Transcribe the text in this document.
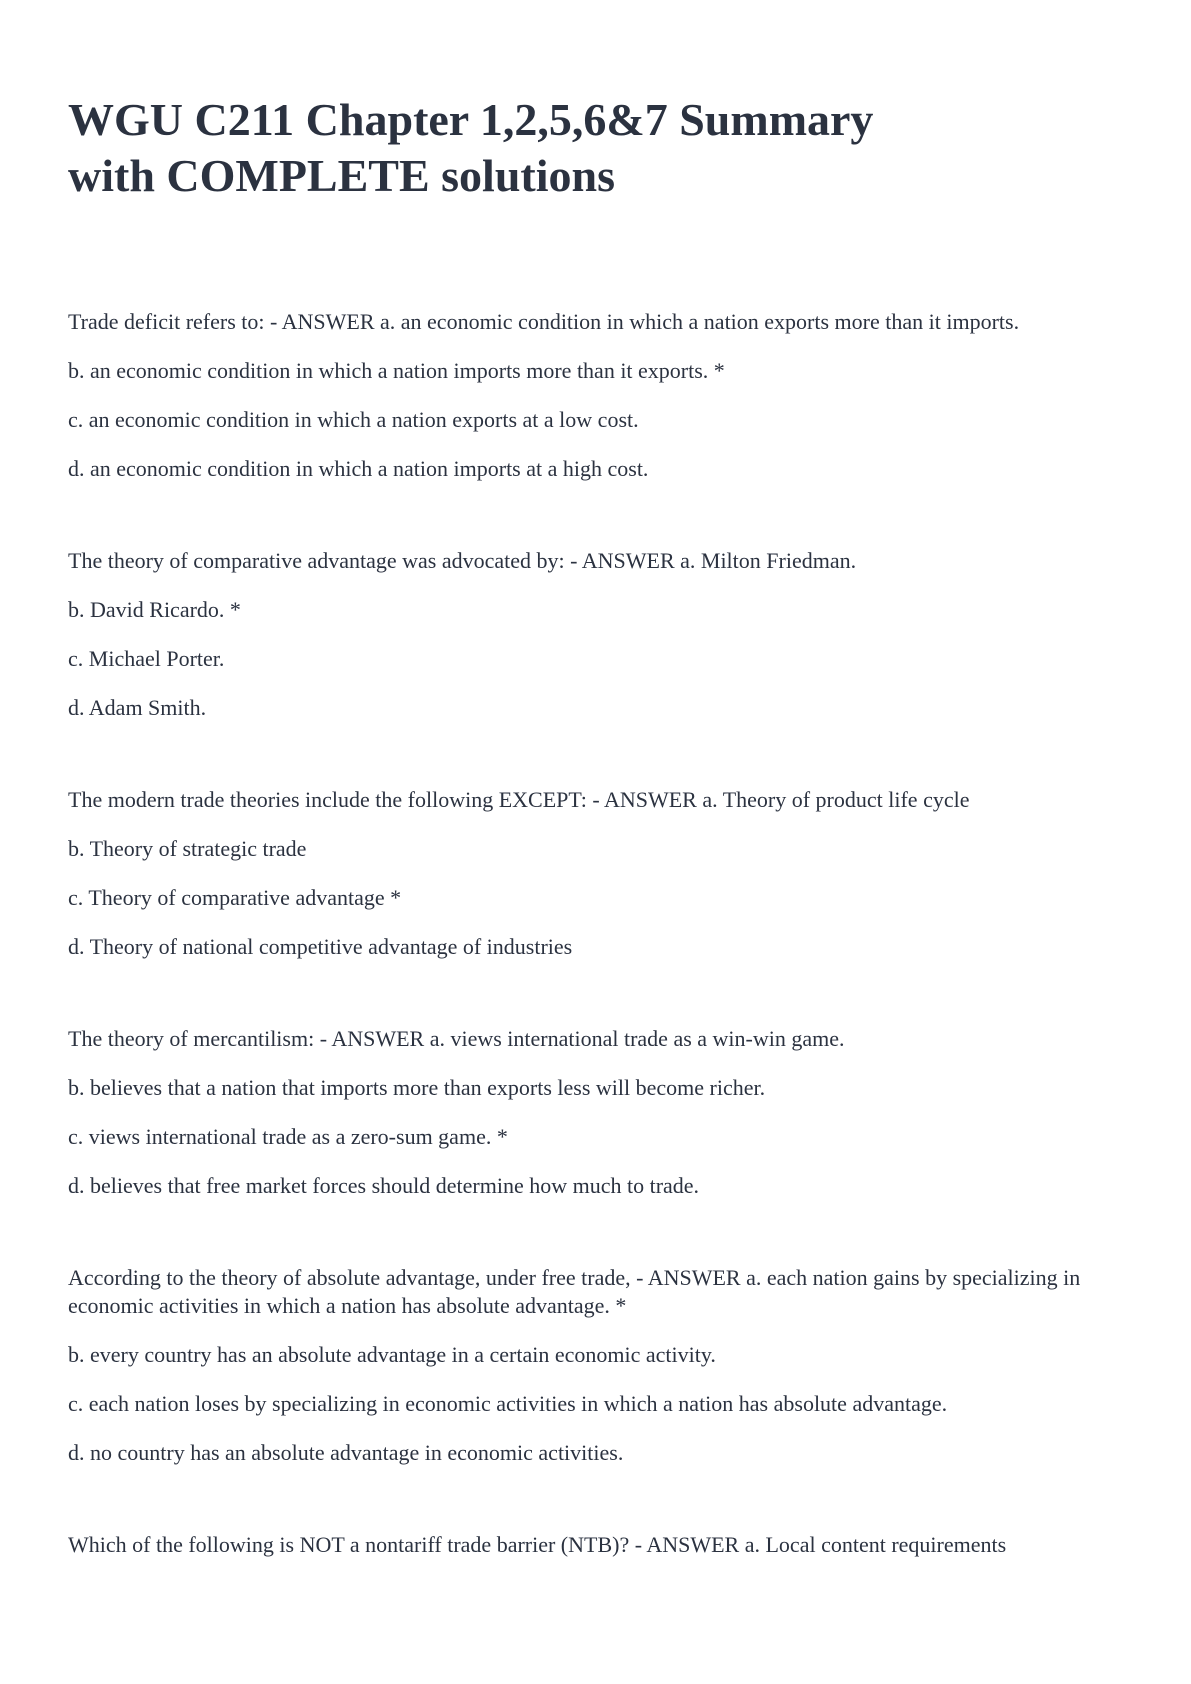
WGU C211 Chapter 1,2,5,6&7 Summary
with COMPLETE solutions

Trade deficit refers to: - ANSWER a. an economic condition in which a nation exports more than it imports.

b. an economic condition in which a nation imports more than it exports. *

c. an economic condition in which a nation exports at a low cost.

d. an economic condition in which a nation imports at a high cost.

The theory of comparative advantage was advocated by: - ANSWER a. Milton Friedman.

b. David Ricardo. *

c. Michael Porter.

d. Adam Smith.

The modern trade theories include the following EXCEPT: - ANSWER a. Theory of product life cycle

b. Theory of strategic trade

c. Theory of comparative advantage *

d. Theory of national competitive advantage of industries

The theory of mercantilism: - ANSWER a. views international trade as a win-win game.

b. believes that a nation that imports more than exports less will become richer.

c. views international trade as a zero-sum game. *

d. believes that free market forces should determine how much to trade.

According to the theory of absolute advantage, under free trade, - ANSWER a. each nation gains by specializing in economic activities in which a nation has absolute advantage. *

b. every country has an absolute advantage in a certain economic activity.

c. each nation loses by specializing in economic activities in which a nation has absolute advantage.

d. no country has an absolute advantage in economic activities.

Which of the following is NOT a nontariff trade barrier (NTB)? - ANSWER a. Local content requirements
